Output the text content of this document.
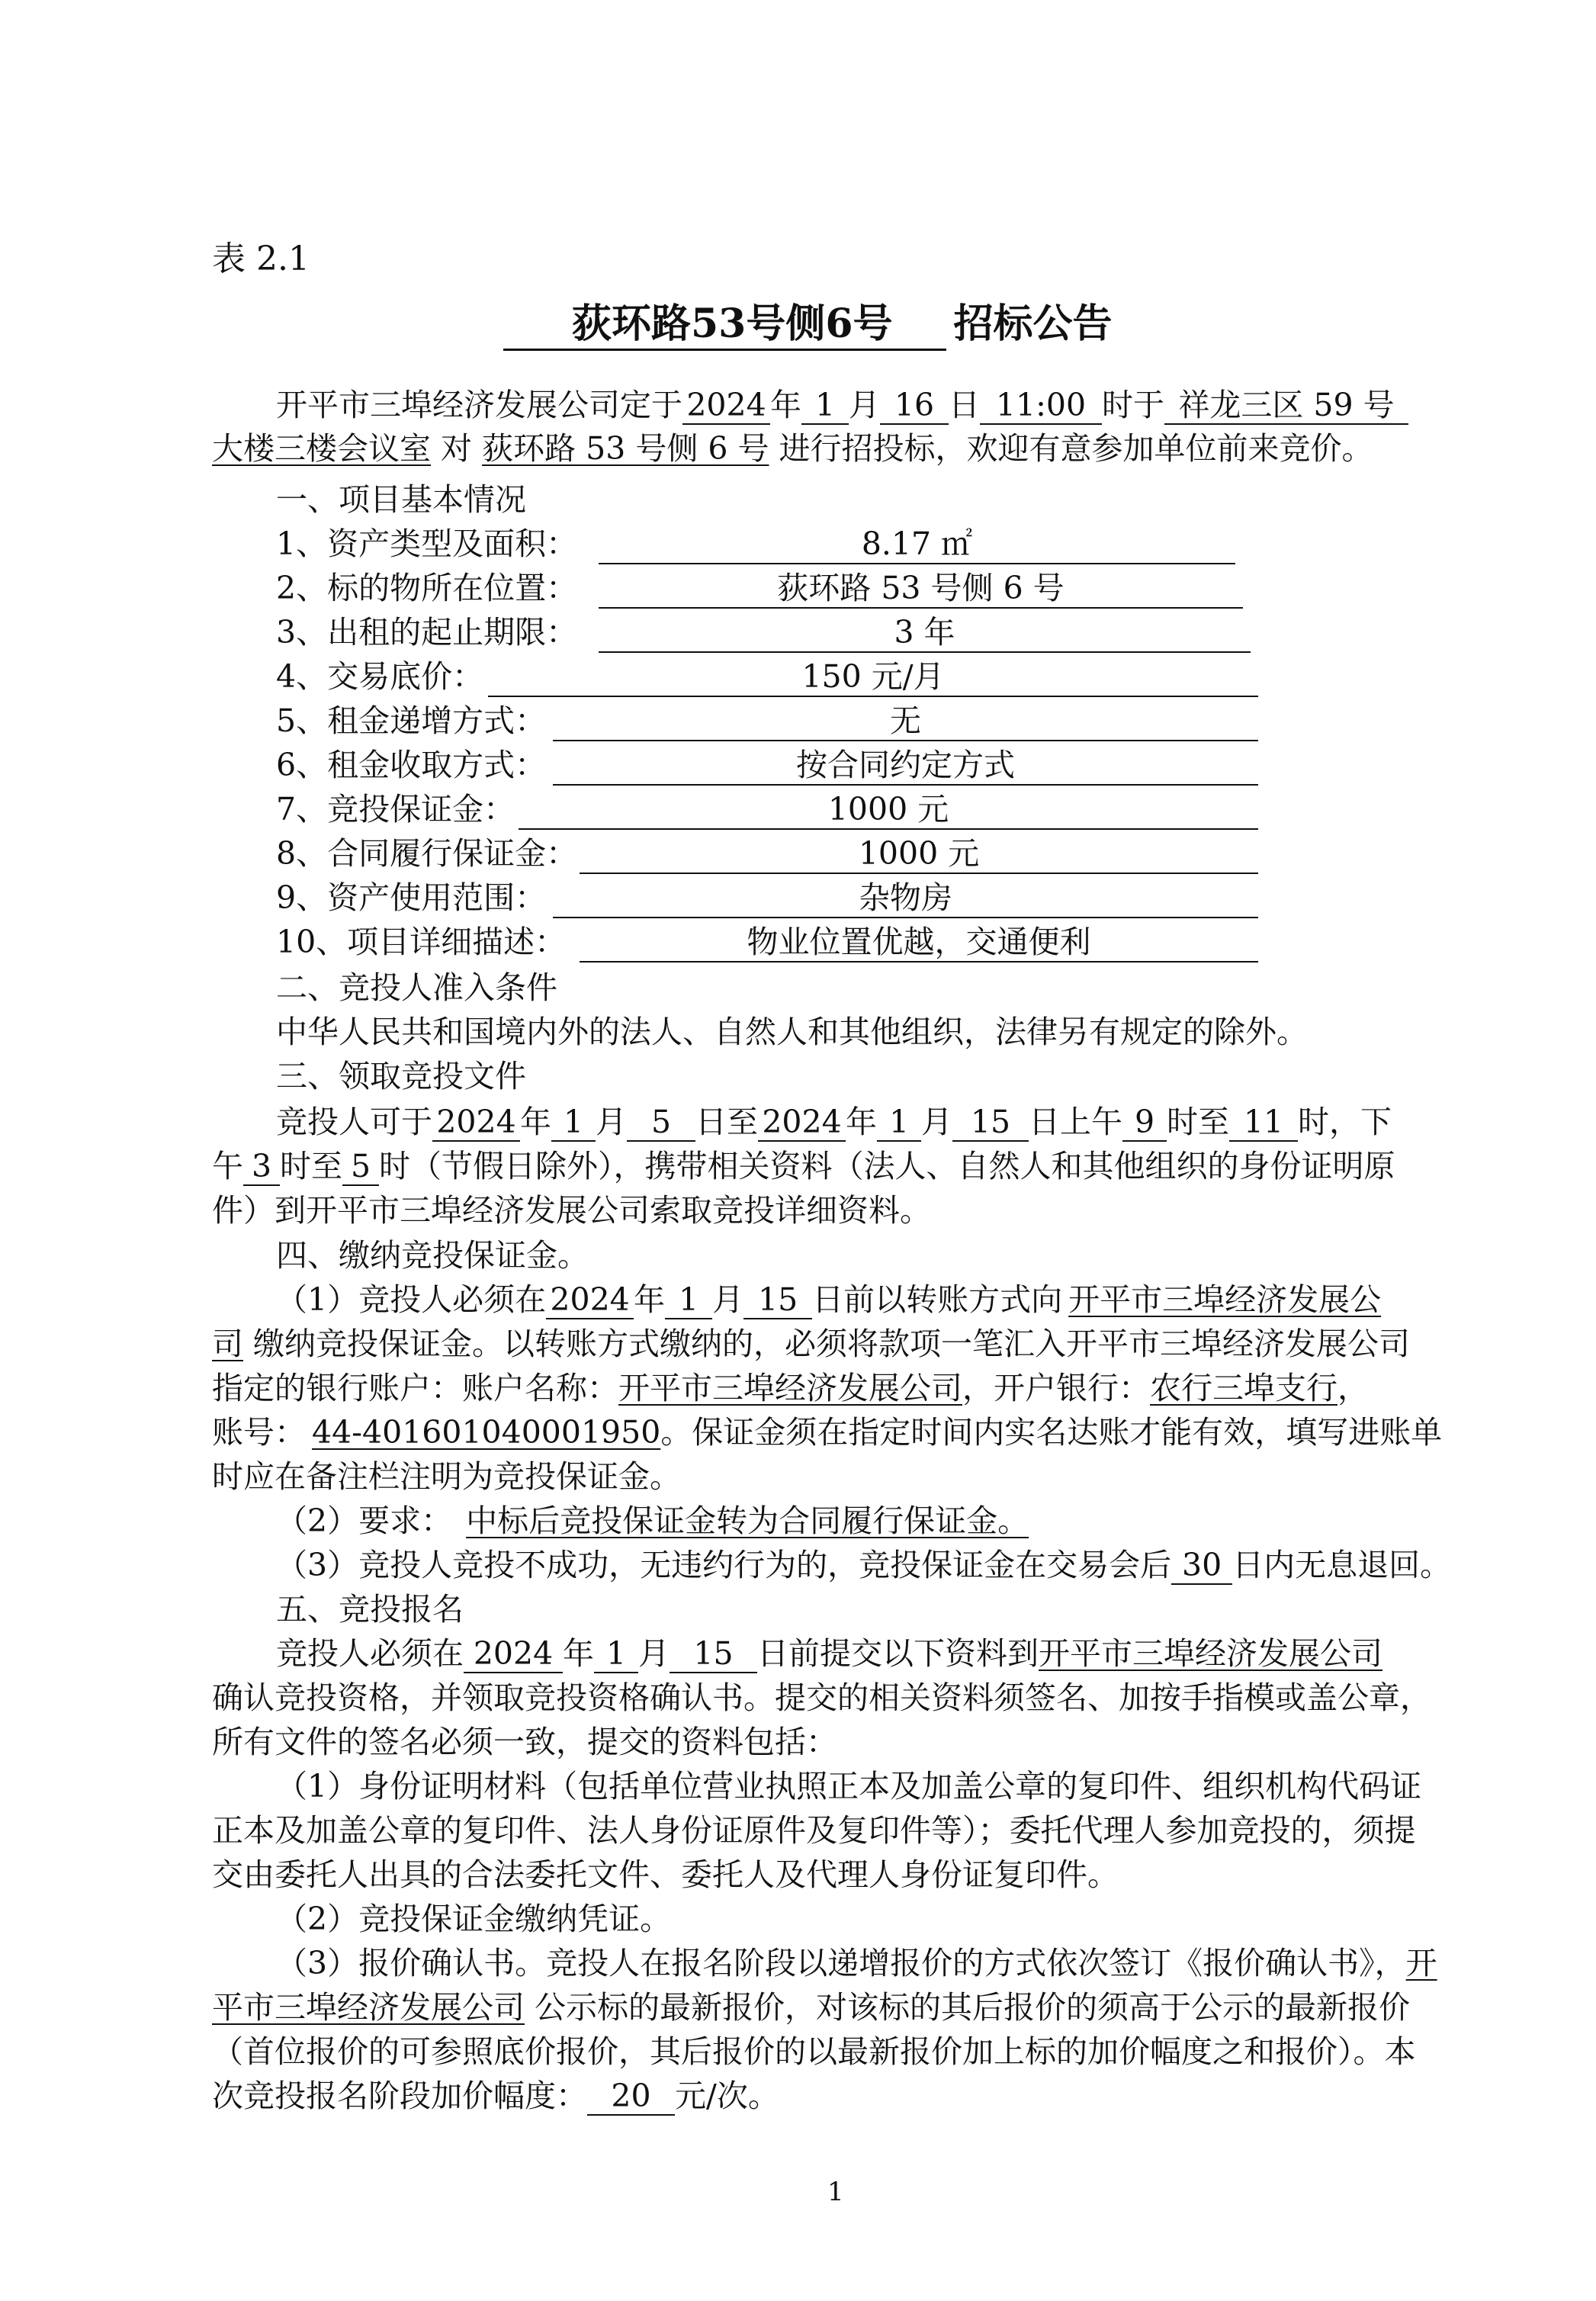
表 2.1
荻环路53号侧6号 招标公告
开平市三埠经济发展公司定于 2024 年 1 月 16 日 11:00 时于 祥龙三区 59 号
大楼三楼会议室 对 荻环路 53 号侧 6 号 进行招投标，欢迎有意参加单位前来竞价。
一、项目基本情况
1、资产类型及面积：	8.17 ㎡
2、标的物所在位置：	荻环路 53 号侧 6 号
3、出租的起止期限：	3 年
4、交易底价：	150 元/月
5、租金递增方式：	无
6、租金收取方式：	按合同约定方式
7、竞投保证金：	1000 元
8、合同履行保证金：	1000 元
9、资产使用范围：	杂物房
10、项目详细描述：	物业位置优越，交通便利
二、竞投人准入条件
中华人民共和国境内外的法人、自然人和其他组织，法律另有规定的除外。
三、领取竞投文件
竞投人可于 2024 年 1 月 5 日至 2024 年 1 月 15 日上午 9 时至 11 时，下
午 3 时至 5 时（节假日除外），携带相关资料（法人、自然人和其他组织的身份证明原
件）到开平市三埠经济发展公司索取竞投详细资料。
四、缴纳竞投保证金。
（1）竞投人必须在 2024 年 1 月 15 日前以转账方式向 开平市三埠经济发展公
司 缴纳竞投保证金。以转账方式缴纳的，必须将款项一笔汇入开平市三埠经济发展公司
指定的银行账户：账户名称：开平市三埠经济发展公司，开户银行：农行三埠支行，
账号： 44-401601040001950。保证金须在指定时间内实名达账才能有效，填写进账单
时应在备注栏注明为竞投保证金。
（2）要求： 中标后竞投保证金转为合同履行保证金。
（3）竞投人竞投不成功，无违约行为的，竞投保证金在交易会后 30 日内无息退回。
五、竞投报名
竞投人必须在 2024 年 1 月 15 日前提交以下资料到开平市三埠经济发展公司
确认竞投资格，并领取竞投资格确认书。提交的相关资料须签名、加按手指模或盖公章，
所有文件的签名必须一致，提交的资料包括：
（1）身份证明材料（包括单位营业执照正本及加盖公章的复印件、组织机构代码证
正本及加盖公章的复印件、法人身份证原件及复印件等）；委托代理人参加竞投的，须提
交由委托人出具的合法委托文件、委托人及代理人身份证复印件。
（2）竞投保证金缴纳凭证。
（3）报价确认书。竞投人在报名阶段以递增报价的方式依次签订《报价确认书》，开
平市三埠经济发展公司 公示标的最新报价，对该标的其后报价的须高于公示的最新报价
（首位报价的可参照底价报价，其后报价的以最新报价加上标的加价幅度之和报价）。本
次竞投报名阶段加价幅度： 20 元/次。
1
